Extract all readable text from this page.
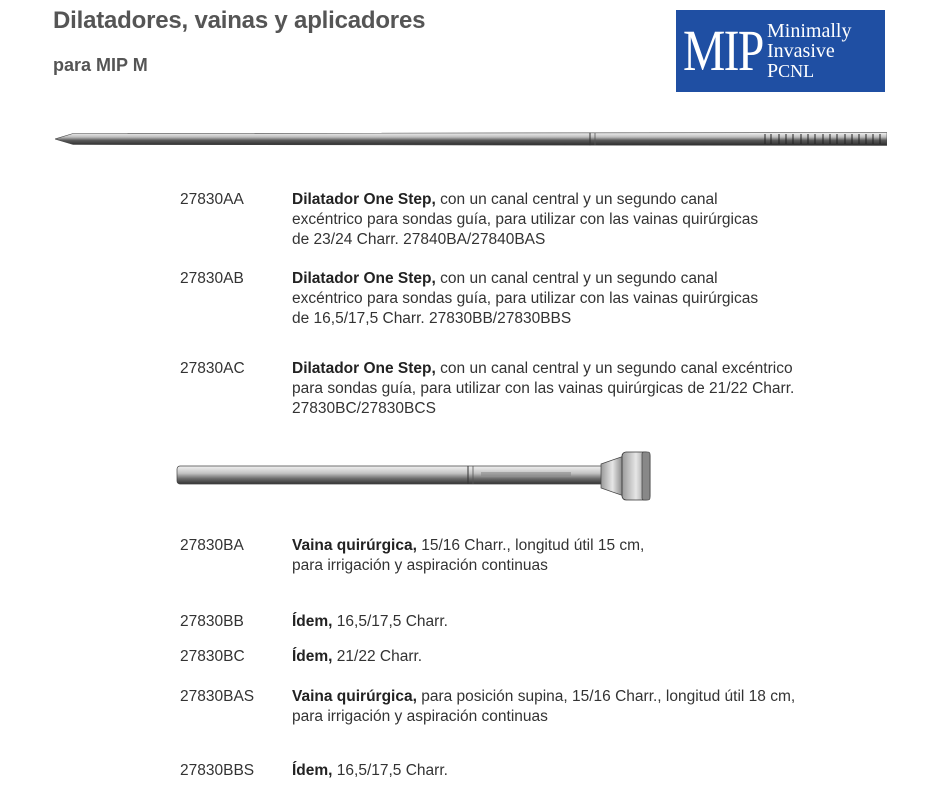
Dilatadores, vainas y aplicadores
para MIP M	MIP Minimally
Invasive
PCNL
27830AA	Dilatador One Step, con un canal central y un segundo canal
excéntrico para sondas guía, para utilizar con las vainas quirúrgicas
de 23/24 Charr. 27840BA/27840BAS
27830AB	Dilatador One Step, con un canal central y un segundo canal
excéntrico para sondas guía, para utilizar con las vainas quirúrgicas
de 16,5/17,5 Charr. 27830BB/27830BBS
27830AC	Dilatador One Step, con un canal central y un segundo canal excéntrico
para sondas guía, para utilizar con las vainas quirúrgicas de 21/22 Charr.
27830BC/27830BCS
27830BA	Vaina quirúrgica, 15/16 Charr., longitud útil 15 cm,
para irrigación y aspiración continuas
27830BB	Ídem, 16,5/17,5 Charr.
27830BC	Ídem, 21/22 Charr.
27830BAS	Vaina quirúrgica, para posición supina, 15/16 Charr., longitud útil 18 cm,
para irrigación y aspiración continuas
27830BBS	Ídem, 16,5/17,5 Charr.
